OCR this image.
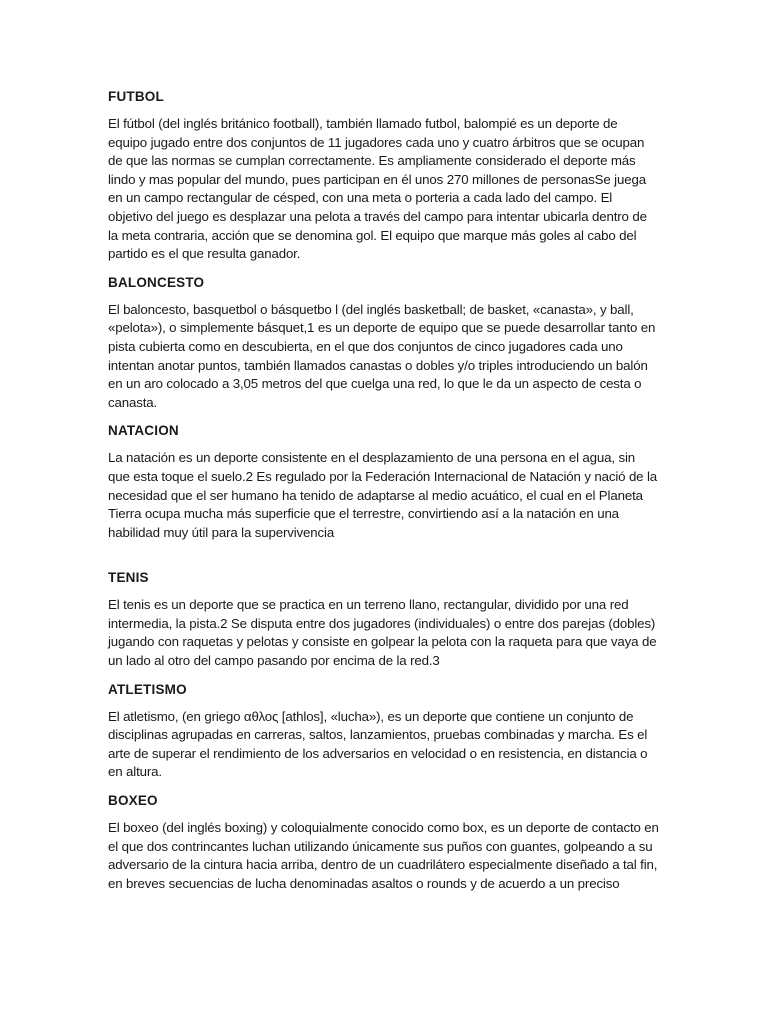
FUTBOL
El fútbol (del inglés británico football), también llamado futbol, balompié es un deporte de equipo jugado entre dos conjuntos de 11 jugadores cada uno y cuatro árbitros que se ocupan de que las normas se cumplan correctamente. Es ampliamente considerado el deporte más lindo y mas popular del mundo, pues participan en él unos 270 millones de personasSe juega en un campo rectangular de césped, con una meta o porteria a cada lado del campo. El objetivo del juego es desplazar una pelota a través del campo para intentar ubicarla dentro de la meta contraria, acción que se denomina gol. El equipo que marque más goles al cabo del partido es el que resulta ganador.
BALONCESTO
El baloncesto, basquetbol o básquetbo l (del inglés basketball; de basket, «canasta», y ball, «pelota»), o simplemente básquet,1 es un deporte de equipo que se puede desarrollar tanto en pista cubierta como en descubierta, en el que dos conjuntos de cinco jugadores cada uno intentan anotar puntos, también llamados canastas o dobles y/o triples introduciendo un balón en un aro colocado a 3,05 metros del que cuelga una red, lo que le da un aspecto de cesta o canasta.
NATACION
La natación es un deporte consistente en el desplazamiento de una persona en el agua, sin que esta toque el suelo.2 Es regulado por la Federación Internacional de Natación y nació de la necesidad que el ser humano ha tenido de adaptarse al medio acuático, el cual en el Planeta Tierra ocupa mucha más superficie que el terrestre, convirtiendo así a la natación en una habilidad muy útil para la supervivencia
TENIS
El tenis es un deporte que se practica en un terreno llano, rectangular, dividido por una red intermedia, la pista.2 Se disputa entre dos jugadores (individuales) o entre dos parejas (dobles) jugando con raquetas y pelotas y consiste en golpear la pelota con la raqueta para que vaya de un lado al otro del campo pasando por encima de la red.3
ATLETISMO
El atletismo, (en griego αθλος [athlos], «lucha»), es un deporte que contiene un conjunto de disciplinas agrupadas en carreras, saltos, lanzamientos, pruebas combinadas y marcha. Es el arte de superar el rendimiento de los adversarios en velocidad o en resistencia, en distancia o en altura.
BOXEO
El boxeo (del inglés boxing) y coloquialmente conocido como box, es un deporte de contacto en el que dos contrincantes luchan utilizando únicamente sus puños con guantes, golpeando a su adversario de la cintura hacia arriba, dentro de un cuadrilátero especialmente diseñado a tal fin, en breves secuencias de lucha denominadas asaltos o rounds y de acuerdo a un preciso
